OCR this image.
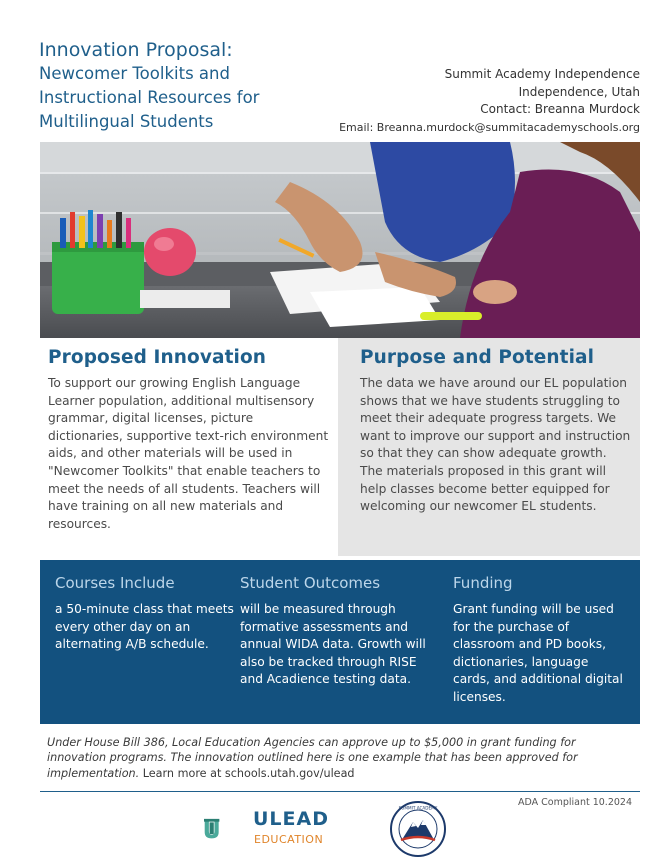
Innovation Proposal:
Newcomer Toolkits and
Instructional Resources for
Multilingual Students
Summit Academy Independence
Independence, Utah
Contact: Breanna Murdock
Email: Breanna.murdock@summitacademyschools.org
Proposed Innovation

To support our growing English Language Learner population, additional multisensory grammar, digital licenses, picture dictionaries, supportive text-rich environment aids, and other materials will be used in "Newcomer Toolkits" that enable teachers to meet the needs of all students. Teachers will have training on all new materials and resources.

Purpose and Potential

The data we have around our EL population shows that we have students struggling to meet their adequate progress targets. We want to improve our support and instruction so that they can show adequate growth. The materials proposed in this grant will help classes become better equipped for welcoming our newcomer EL students.

Courses Include

a 50-minute class that meets every other day on an alternating A/B schedule.

Student Outcomes

will be measured through formative assessments and annual WIDA data. Growth will also be tracked through RISE and Acadience testing data.

Funding

Grant funding will be used for the purchase of classroom and PD books, dictionaries, language cards, and additional digital licenses.

Under House Bill 386, Local Education Agencies can approve up to $5,000 in grant funding for innovation programs. The innovation outlined here is one example that has been approved for implementation. Learn more at schools.utah.gov/ulead
ADA Compliant 10.2024
ULEAD
EDUCATION
SUMMIT ACADEMY
